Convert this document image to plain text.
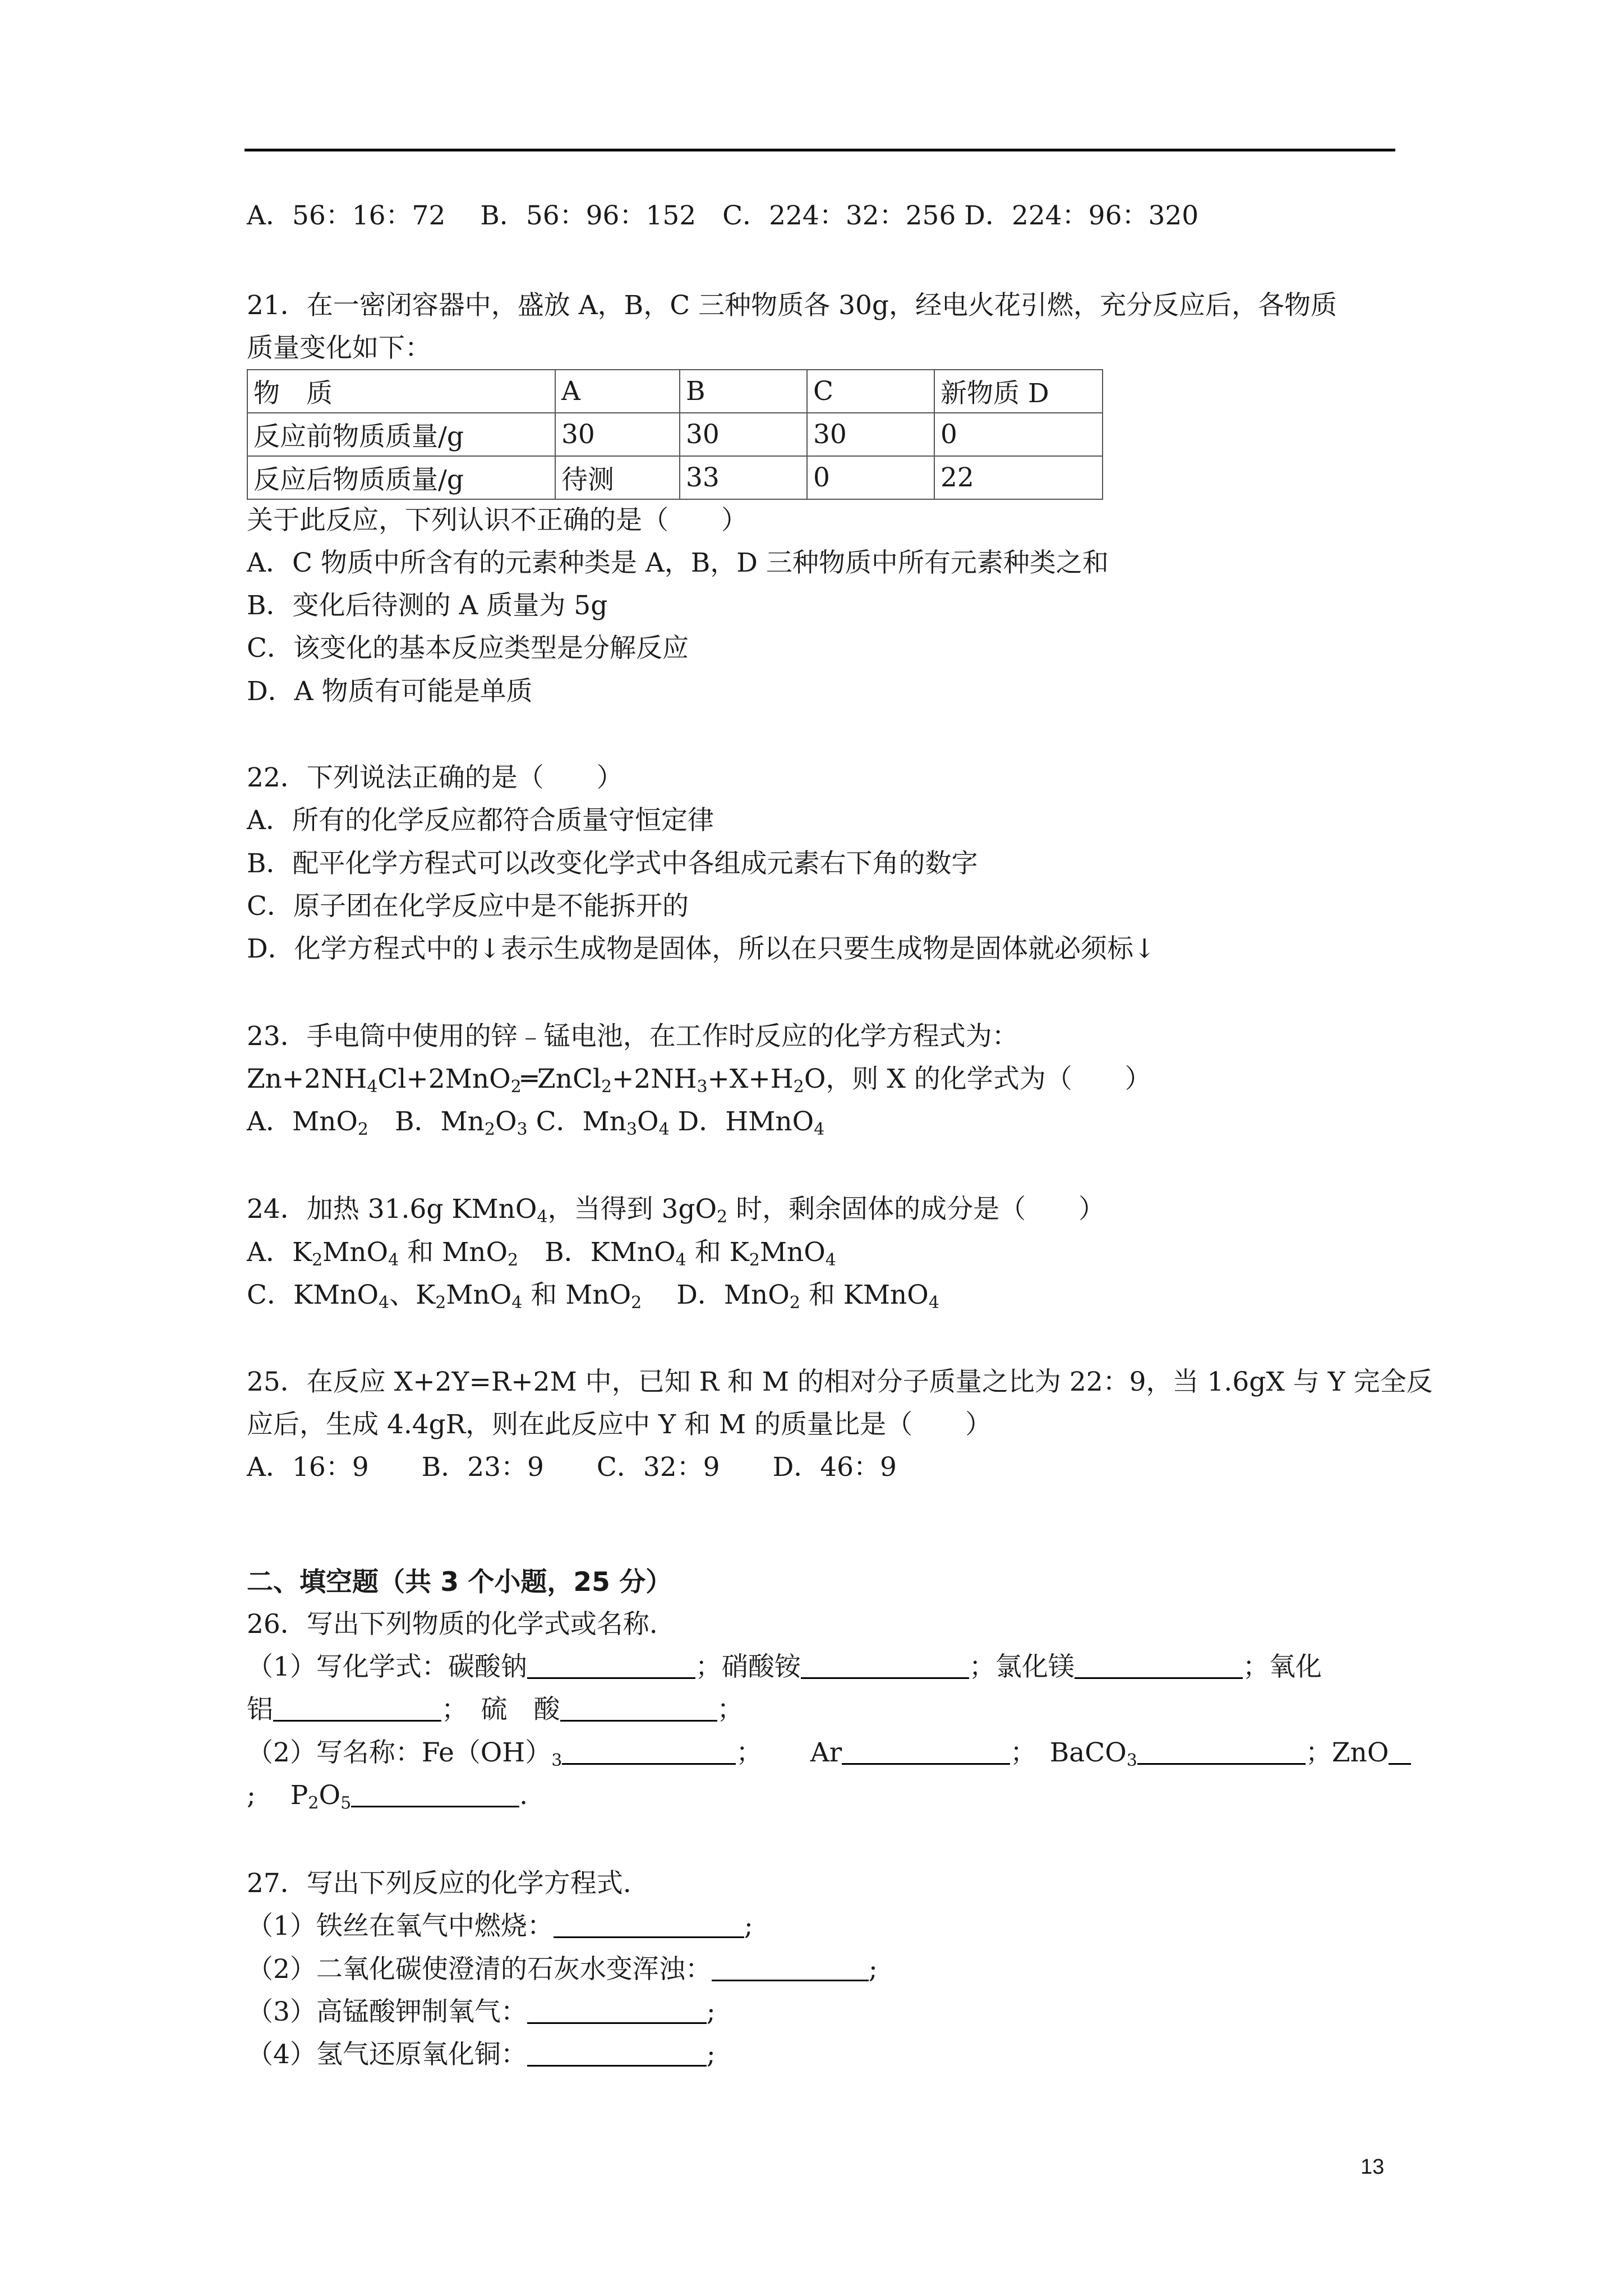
A．56：16：72　 B．56：96：152　C．224：32：256 D．224：96：320
21．在一密闭容器中，盛放 A，B，C 三种物质各 30g，经电火花引燃，充分反应后，各物质
质量变化如下：
物　质	A	B	C	新物质 D
反应前物质质量/g	30	30	30	0
反应后物质质量/g	待测	33	0	22
关于此反应，下列认识不正确的是（　　）
A．C 物质中所含有的元素种类是 A，B，D 三种物质中所有元素种类之和
B．变化后待测的 A 质量为 5g
C．该变化的基本反应类型是分解反应
D．A 物质有可能是单质
22．下列说法正确的是（　　）
A．所有的化学反应都符合质量守恒定律
B．配平化学方程式可以改变化学式中各组成元素右下角的数字
C．原子团在化学反应中是不能拆开的
D．化学方程式中的↓表示生成物是固体，所以在只要生成物是固体就必须标↓
23．手电筒中使用的锌﹣锰电池，在工作时反应的化学方程式为：
$Zn+2NH_4Cl+2MnO_2═ZnCl_2+2NH_3+X+H_2O$，则 X 的化学式为（　　）
A．MnO$_2$　B．$Mn_2O_3$ C．$Mn_3O_4$ D．HMnO$_4$
24．加热 31.6g KMnO$_4$，当得到 $3gO_2$ 时，剩余固体的成分是（　　）
A．$K_2MnO_4$ 和 MnO$_2$　B．KMnO$_4$ 和 $K_2MnO_4$
C．KMnO$_4$、$K_2MnO_4$ 和 MnO$_2$　 D．MnO$_2$ 和 KMnO$_4$
25．在反应 X+2Y=R+2M 中，已知 R 和 M 的相对分子质量之比为 22：9，当 1.6gX 与 Y 完全反
应后，生成 4.4gR，则在此反应中 Y 和 M 的质量比是（　　）
A．16：9　　B．23：9　　C．32：9　　D．46：9
二、填空题（共 3 个小题，25 分）
26．写出下列物质的化学式或名称.
（1）写化学式：碳酸钠	；硝酸铵	；氯化镁	；氧化
铝	；　硫　酸	；
（2）写名称：$Fe(OH)_3$	；　　 Ar	；　BaCO$_3$	；ZnO
;　 $P_2O_5$	.
27．写出下列反应的化学方程式.
（1）铁丝在氧气中燃烧：	;
（2）二氧化碳使澄清的石灰水变浑浊：	;
（3）高锰酸钾制氧气：	;
（4）氢气还原氧化铜：	;
13
